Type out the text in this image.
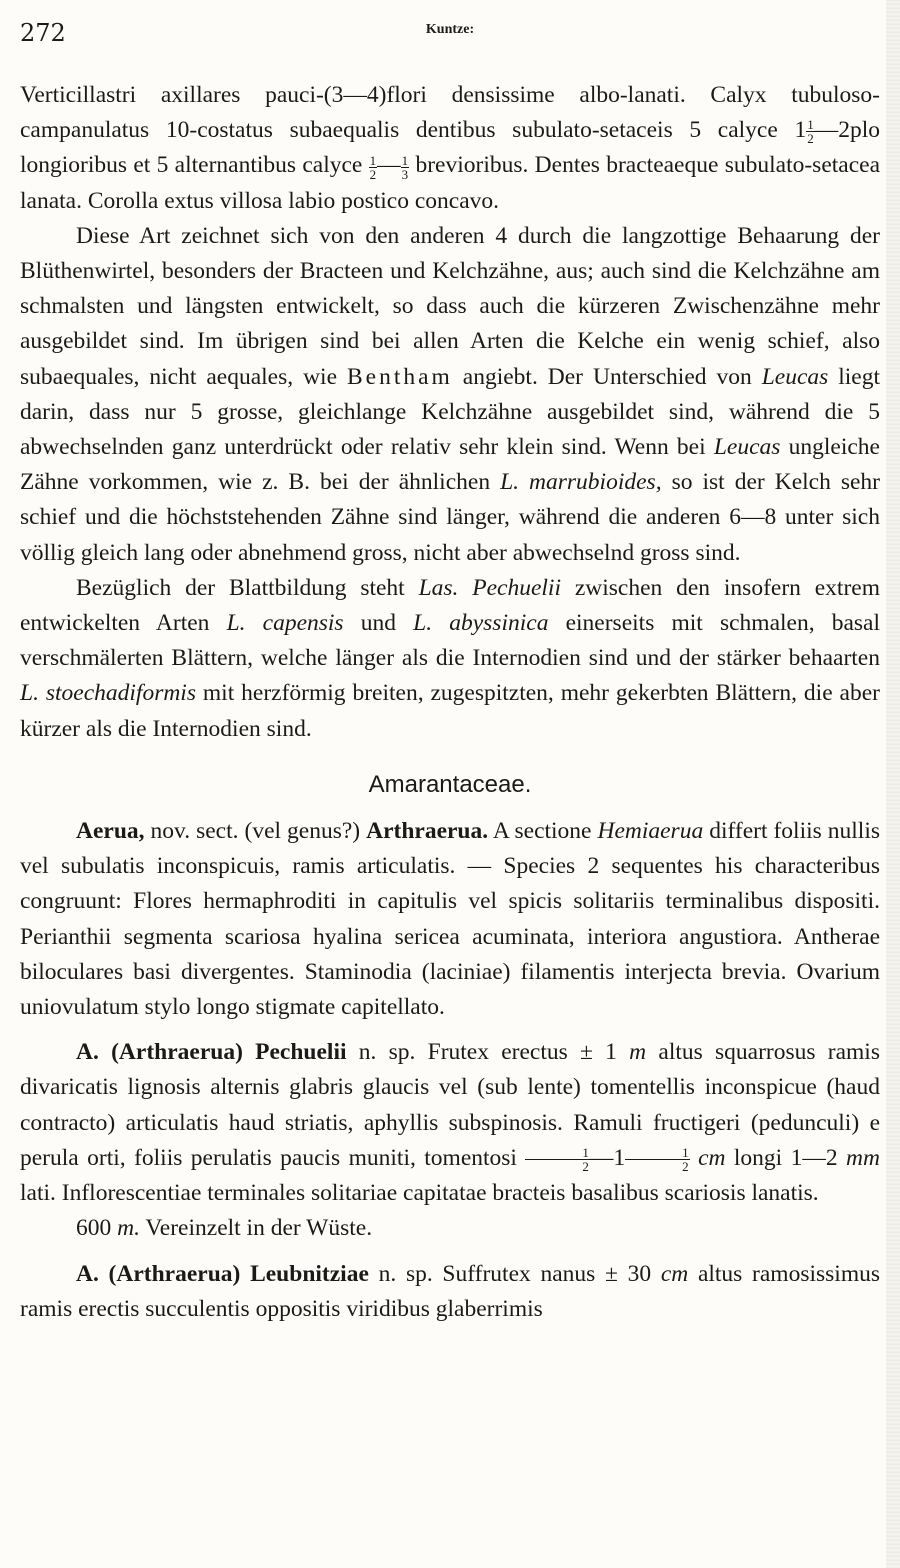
272	Kuntze:

Verticillastri axillares pauci-(3—4)flori densissime albo-lanati. Calyx tubuloso-campanulatus 10-costatus subaequalis dentibus subulato-setaceis 5 calyce $1 \frac{1}{2}$ —2plo longioribus et 5 alternantibus calyce $\frac{1}{2}$ — $\frac{1}{3}$ brevioribus. Dentes bracteaeque subulato-setacea lanata. Corolla extus villosa labio postico concavo.

Diese Art zeichnet sich von den anderen 4 durch die langzottige Behaarung der Blüthenwirtel, besonders der Bracteen und Kelchzähne, aus; auch sind die Kelchzähne am schmalsten und längsten entwickelt, so dass auch die kürzeren Zwischenzähne mehr ausgebildet sind. Im übrigen sind bei allen Arten die Kelche ein wenig schief, also subaequales, nicht aequales, wie Bentham angiebt. Der Unterschied von Leucas liegt darin, dass nur 5 grosse, gleichlange Kelchzähne ausgebildet sind, während die 5 abwechselnden ganz unterdrückt oder relativ sehr klein sind. Wenn bei Leucas ungleiche Zähne vorkommen, wie z. B. bei der ähnlichen L. marrubioides, so ist der Kelch sehr schief und die höchststehenden Zähne sind länger, während die anderen 6—8 unter sich völlig gleich lang oder abnehmend gross, nicht aber abwechselnd gross sind.

Bezüglich der Blattbildung steht Las. Pechuelii zwischen den insofern extrem entwickelten Arten L. capensis und L. abyssinica einerseits mit schmalen, basal verschmälerten Blättern, welche länger als die Internodien sind und der stärker behaarten L. stoechadiformis mit herzförmig breiten, zugespitzten, mehr gekerbten Blättern, die aber kürzer als die Internodien sind.

Amarantaceae.

Aerua, nov. sect. (vel genus?) Arthraerua. A sectione Hemiaerua differt foliis nullis vel subulatis inconspicuis, ramis articulatis. — Species 2 sequentes his characteribus congruunt: Flores hermaphroditi in capitulis vel spicis solitariis terminalibus dispositi. Perianthii segmenta scariosa hyalina sericea acuminata, interiora angustiora. Antherae biloculares basi divergentes. Staminodia (laciniae) filamentis interjecta brevia. Ovarium uniovulatum stylo longo stigmate capitellato.

A. (Arthraerua) Pechuelii n. sp. Frutex erectus ± 1 m altus squarrosus ramis divaricatis lignosis alternis glabris glaucis vel (sub lente) tomentellis inconspicue (haud contracto) articulatis haud striatis, aphyllis subspinosis. Ramuli fructigeri (pedunculi) e perula orti, foliis perulatis paucis muniti, tomentosi $\frac{1}{2}$ —1 $\frac{1}{2}$ cm longi 1—2 mm lati. Inflorescentiae terminales solitariae capitatae bracteis basalibus scariosis lanatis.

600 m. Vereinzelt in der Wüste.

A. (Arthraerua) Leubnitziae n. sp. Suffrutex nanus ± 30 cm altus ramosissimus ramis erectis succulentis oppositis viridibus glaberrimis
